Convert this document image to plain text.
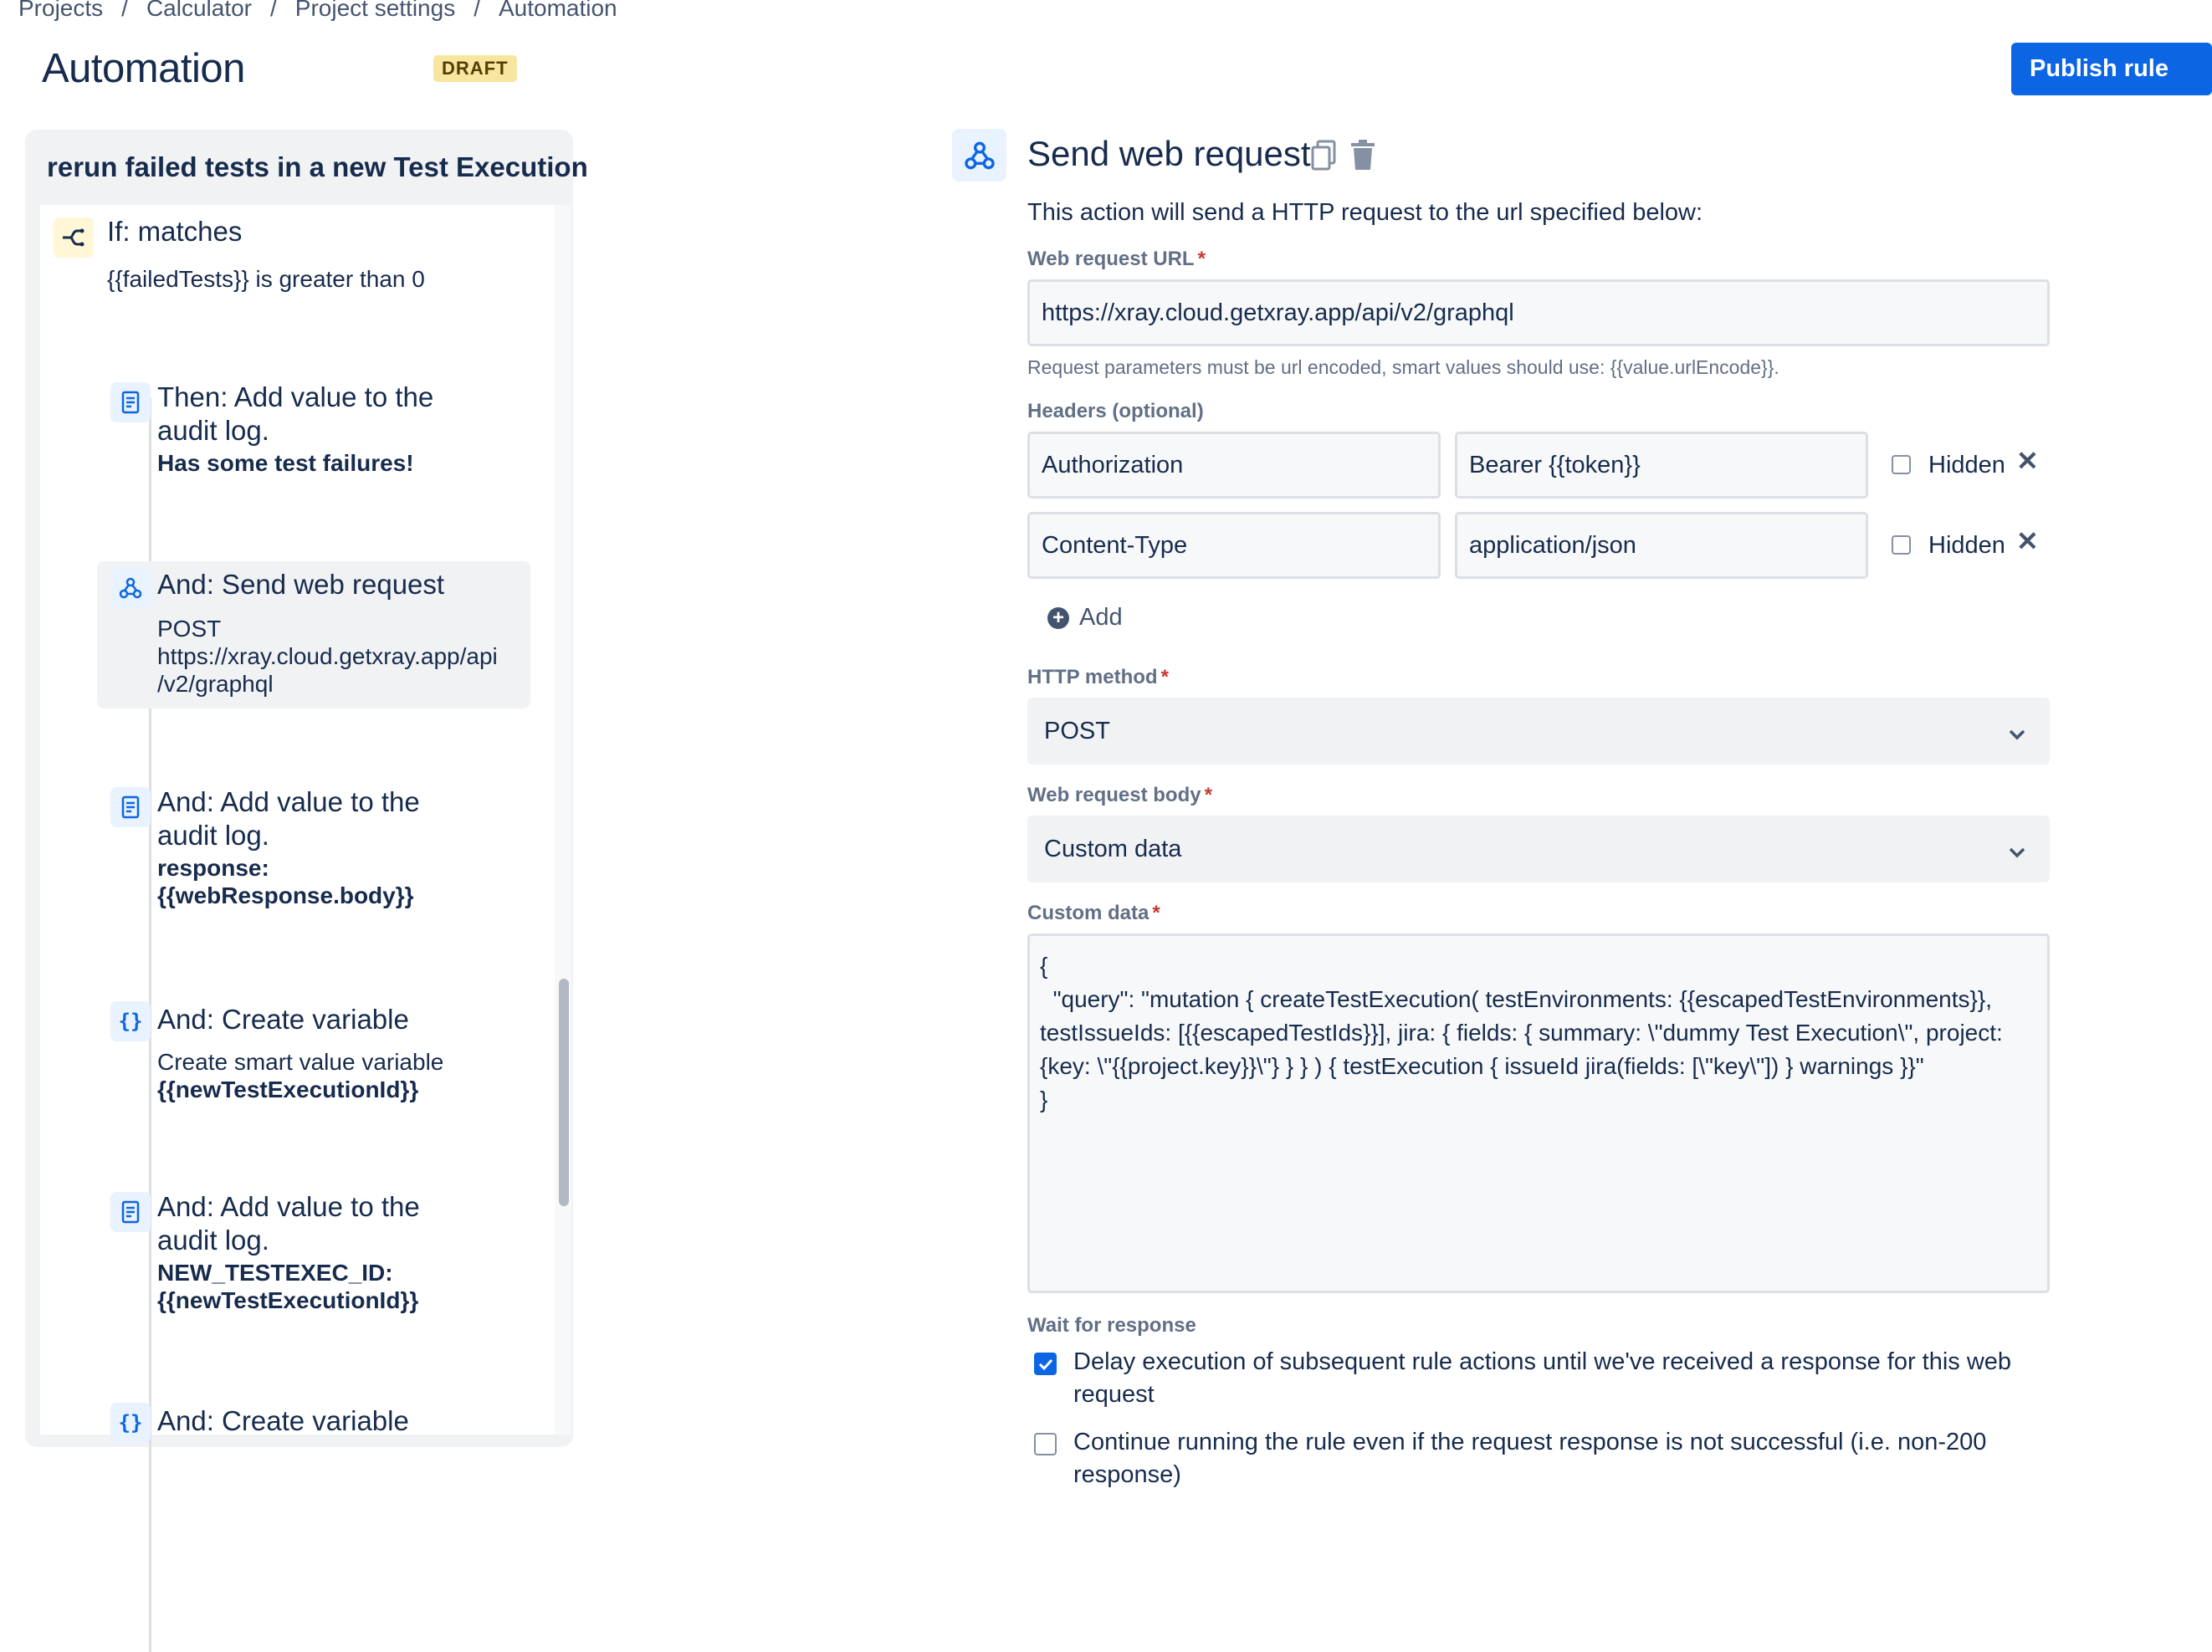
Projects / Calculator / Project settings / Automation
Automation	DRAFT	Publish rule
rerun failed tests in a new Test Execution
If: matches
{{failedTests}} is greater than 0
Then: Add value to the audit log.
Has some test failures!
And: Send web request
POST
https://xray.cloud.getxray.app/api
/v2/graphql
And: Add value to the audit log.
response:
{{webResponse.body}}
{} And: Create variable
Create smart value variable
{{newTestExecutionId}}
And: Add value to the audit log.
NEW_TESTEXEC_ID:
{{newTestExecutionId}}
{} And: Create variable
Send web request
This action will send a HTTP request to the url specified below:
Web request URL *
https://xray.cloud.getxray.app/api/v2/graphql
Request parameters must be url encoded, smart values should use: {{value.urlEncode}}.
Headers (optional)
Authorization	Bearer {{token}}	Hidden ✕
Content-Type	application/json	Hidden ✕
+ Add
HTTP method *
POST
Web request body *
Custom data
Custom data *
{
"query": "mutation { createTestExecution( testEnvironments: {{escapedTestEnvironments}}, testIssueIds: [{{escapedTestIds}}], jira: { fields: { summary: \"dummy Test Execution\", project: {key: \"{{project.key}}\"} } } ) { testExecution { issueId jira(fields: [\"key\"]) } warnings }}"
}
Wait for response
Delay execution of subsequent rule actions until we've received a response for this web request
Continue running the rule even if the request response is not successful (i.e. non-200 response)
